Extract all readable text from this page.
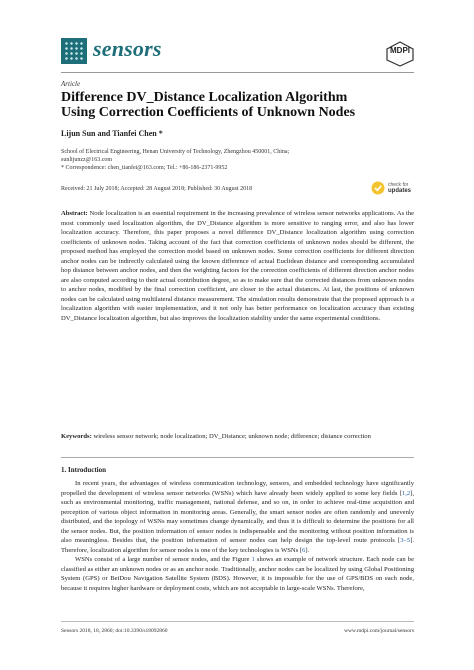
sensors	MDPI
Article
Difference DV_Distance Localization Algorithm
Using Correction Coefficients of Unknown Nodes
Lijun Sun and Tianfei Chen *
School of Electrical Engineering, Henan University of Technology, Zhengzhou 450001, China;
sunlijunzz@163.com
* Correspondence: chen_tianfei@163.com; Tel.: +86-186-2371-9952
Received: 21 July 2018; Accepted: 28 August 2018; Published: 30 August 2018
check for
updates
Abstract: Node localization is an essential requirement in the increasing prevalence of wireless sensor networks applications. As the most commonly used localization algorithm, the DV_Distance algorithm is more sensitive to ranging error, and also has lower localization accuracy. Therefore, this paper proposes a novel difference DV_Distance localization algorithm using correction coefficients of unknown nodes. Taking account of the fact that correction coefficients of unknown nodes should be different, the proposed method has employed the correction model based on unknown nodes. Some correction coefficients for different direction anchor nodes can be indirectly calculated using the known difference of actual Euclidean distance and corresponding accumulated hop distance between anchor nodes, and then the weighting factors for the correction coefficients of different direction anchor nodes are also computed according to their actual contribution degree, so as to make sure that the corrected distances from unknown nodes to anchor nodes, modified by the final correction coefficient, are closer to the actual distances. At last, the positions of unknown nodes can be calculated using multilateral distance measurement. The simulation results demonstrate that the proposed approach is a localization algorithm with easier implementation, and it not only has better performance on localization accuracy than existing DV_Distance localization algorithm, but also improves the localization stability under the same experimental conditions.
Keywords: wireless sensor network; node localization; DV_Distance; unknown node; difference; distance correction
1. Introduction

In recent years, the advantages of wireless communication technology, sensors, and embedded technology have significantly propelled the development of wireless sensor networks (WSNs) which have already been widely applied to some key fields [1,2], such as environmental monitoring, traffic management, national defense, and so on, in order to achieve real-time acquisition and perception of various object information in monitoring areas. Generally, the smart sensor nodes are often randomly and unevenly distributed, and the topology of WSNs may sometimes change dynamically, and thus it is difficult to determine the positions for all the sensor nodes. But, the position information of sensor nodes is indispensable and the monitoring without position information is also meaningless. Besides that, the position information of sensor nodes can help design the top-level route protocols [3–5]. Therefore, localization algorithm for sensor nodes is one of the key technologies is WSNs [6].

WSNs consist of a large number of sensor nodes, and the Figure 1 shows an example of network structure. Each node can be classified as either an unknown nodes or as an anchor node. Traditionally, anchor nodes can be localized by using Global Positioning System (GPS) or BeiDou Navigation Satellite System (BDS). However, it is impossible for the use of GPS/BDS on each node, because it requires higher hardware or deployment costs, which are not acceptable in large-scale WSNs. Therefore,

Sensors 2018, 18, 2860; doi:10.3390/s18092860	www.mdpi.com/journal/sensors
